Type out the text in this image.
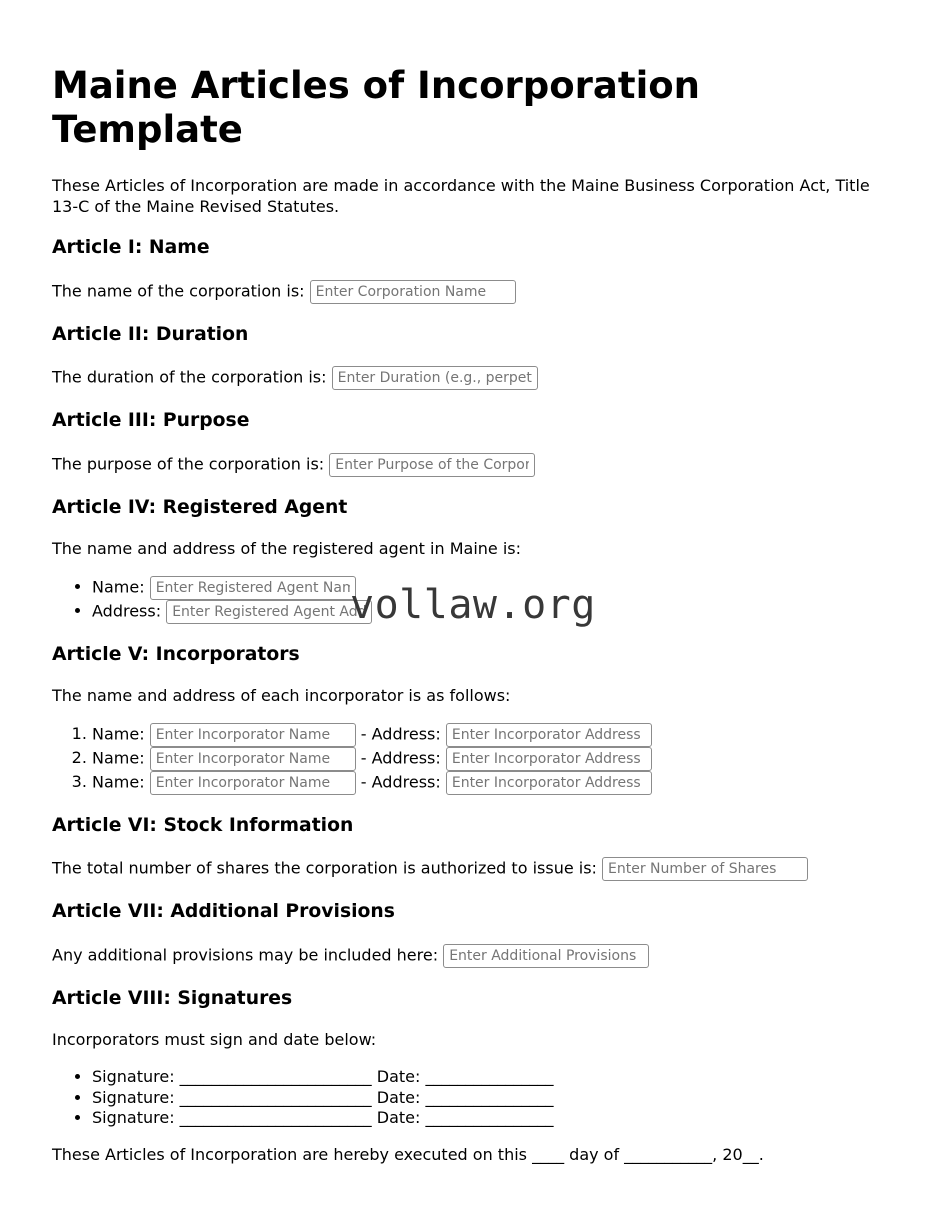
Maine Articles of Incorporation Template

These Articles of Incorporation are made in accordance with the Maine Business Corporation Act, Title 13-C of the Maine Revised Statutes.

Article I: Name

The name of the corporation is: Enter Corporation Name

Article II: Duration

The duration of the corporation is: Enter Duration (e.g., perpetual)

Article III: Purpose

The purpose of the corporation is: Enter Purpose of the Corporation

Article IV: Registered Agent

The name and address of the registered agent in Maine is:

• Name: Enter Registered Agent Name
• Address: Enter Registered Agent Address
Article V: Incorporators

The name and address of each incorporator is as follows:

1. Name: Enter Incorporator Name	- Address: Enter Incorporator Address
2. Name: Enter Incorporator Name	- Address: Enter Incorporator Address
3. Name: Enter Incorporator Name	- Address: Enter Incorporator Address
Article VI: Stock Information

The total number of shares the corporation is authorized to issue is: Enter Number of Shares

Article VII: Additional Provisions

Any additional provisions may be included here: Enter Additional Provisions

Article VIII: Signatures

Incorporators must sign and date below:

• Signature: ________________________ Date: ________________
• Signature: ________________________ Date: ________________
• Signature: ________________________ Date: ________________

These Articles of Incorporation are hereby executed on this ____ day of ___________, 20__.

vollaw.org
